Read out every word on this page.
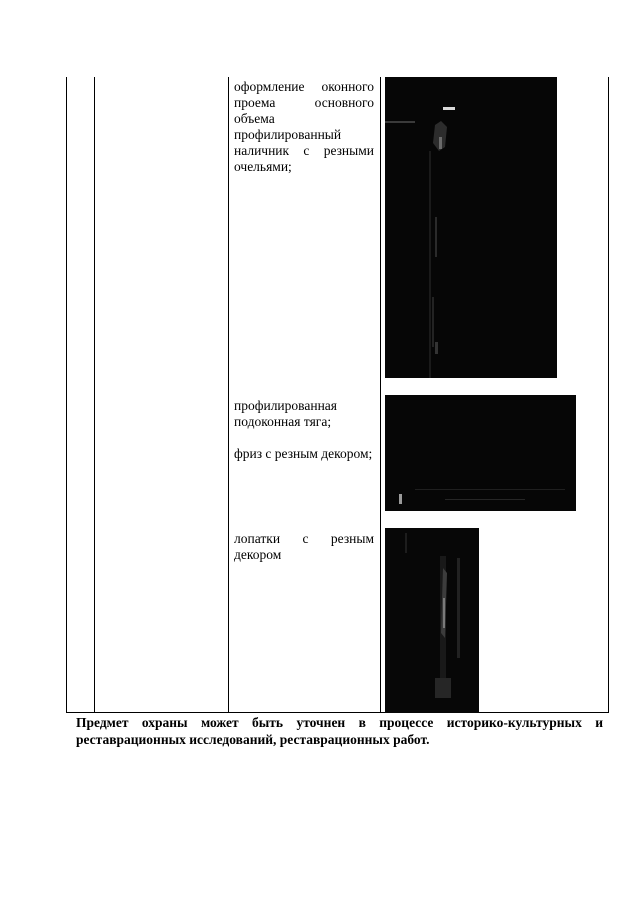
оформление оконного проема основного объема профилированный наличник с резными очельями;

профилированная подоконная тяга;

фриз с резным декором;

лопатки с резным декором

Предмет охраны может быть уточнен в процессе историко-культурных и реставрационных исследований, реставрационных работ.
